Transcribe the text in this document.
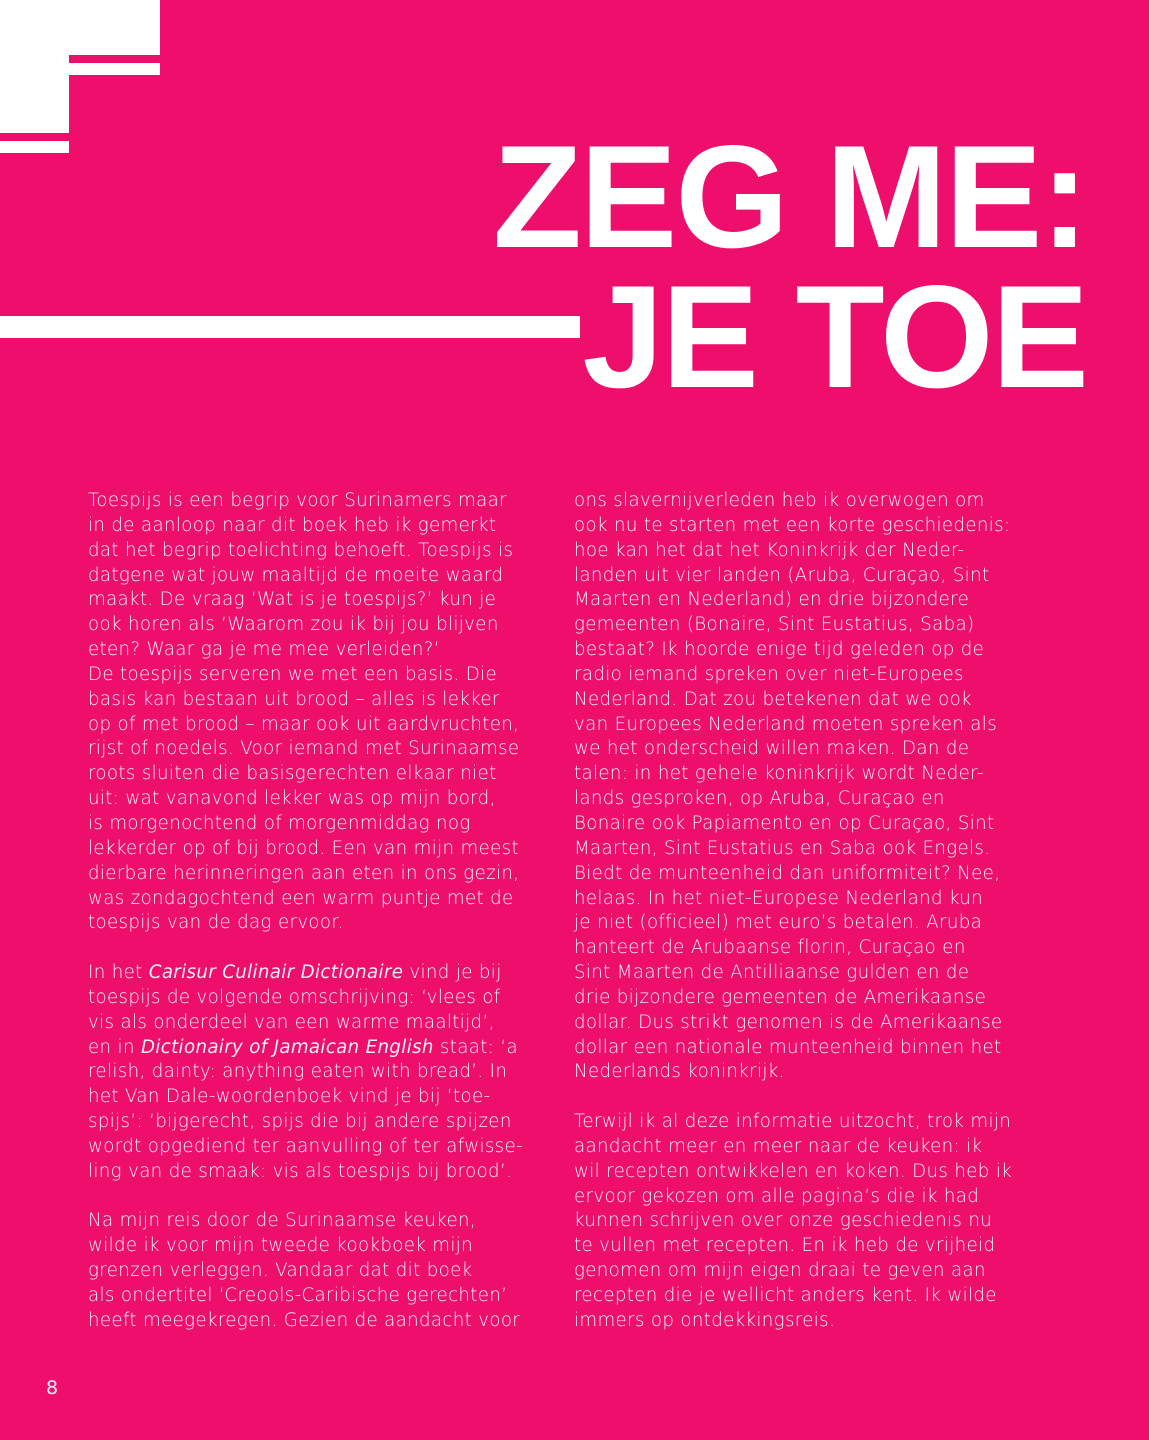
ZEG ME:
JE TOE
Toespijs is een begrip voor Surinamers maar
in de aanloop naar dit boek heb ik gemerkt
dat het begrip toelichting behoeft. Toespijs is
datgene wat jouw maaltijd de moeite waard
maakt. De vraag ‘Wat is je toespijs?’ kun je
ook horen als ‘Waarom zou ik bij jou blijven
eten? Waar ga je me mee verleiden?’
De toespijs serveren we met een basis. Die
basis kan bestaan uit brood – alles is lekker
op of met brood – maar ook uit aardvruchten,
rijst of noedels. Voor iemand met Surinaamse
roots sluiten die basisgerechten elkaar niet
uit: wat vanavond lekker was op mijn bord,
is morgenochtend of morgenmiddag nog
lekkerder op of bij brood. Een van mijn meest
dierbare herinneringen aan eten in ons gezin,
was zondagochtend een warm puntje met de
toespijs van de dag ervoor.
In het Carisur Culinair Dictionaire vind je bij
toespijs de volgende omschrijving: ‘vlees of
vis als onderdeel van een warme maaltijd’,
en in Dictionairy of Jamaican English staat: ‘a
relish, dainty: anything eaten with bread’. In
het Van Dale-woordenboek vind je bij ‘toe-
spijs’: ‘bijgerecht, spijs die bij andere spijzen
wordt opgediend ter aanvulling of ter afwisse-
ling van de smaak: vis als toespijs bij brood’.
Na mijn reis door de Surinaamse keuken,
wilde ik voor mijn tweede kookboek mijn
grenzen verleggen. Vandaar dat dit boek
als ondertitel ‘Creools-Caribische gerechten’
heeft meegekregen. Gezien de aandacht voor
ons slavernijverleden heb ik overwogen om
ook nu te starten met een korte geschiedenis:
hoe kan het dat het Koninkrijk der Neder-
landen uit vier landen (Aruba, Curaçao, Sint
Maarten en Nederland) en drie bijzondere
gemeenten (Bonaire, Sint Eustatius, Saba)
bestaat? Ik hoorde enige tijd geleden op de
radio iemand spreken over niet-Europees
Nederland. Dat zou betekenen dat we ook
van Europees Nederland moeten spreken als
we het onderscheid willen maken. Dan de
talen: in het gehele koninkrijk wordt Neder-
lands gesproken, op Aruba, Curaçao en
Bonaire ook Papiamento en op Curaçao, Sint
Maarten, Sint Eustatius en Saba ook Engels.
Biedt de munteenheid dan uniformiteit? Nee,
helaas. In het niet-Europese Nederland kun
je niet (officieel) met euro’s betalen. Aruba
hanteert de Arubaanse florin, Curaçao en
Sint Maarten de Antilliaanse gulden en de
drie bijzondere gemeenten de Amerikaanse
dollar. Dus strikt genomen is de Amerikaanse
dollar een nationale munteenheid binnen het
Nederlands koninkrijk.
Terwijl ik al deze informatie uitzocht, trok mijn
aandacht meer en meer naar de keuken: ik
wil recepten ontwikkelen en koken. Dus heb ik
ervoor gekozen om alle pagina’s die ik had
kunnen schrijven over onze geschiedenis nu
te vullen met recepten. En ik heb de vrijheid
genomen om mijn eigen draai te geven aan
recepten die je wellicht anders kent. Ik wilde
immers op ontdekkingsreis.
8
